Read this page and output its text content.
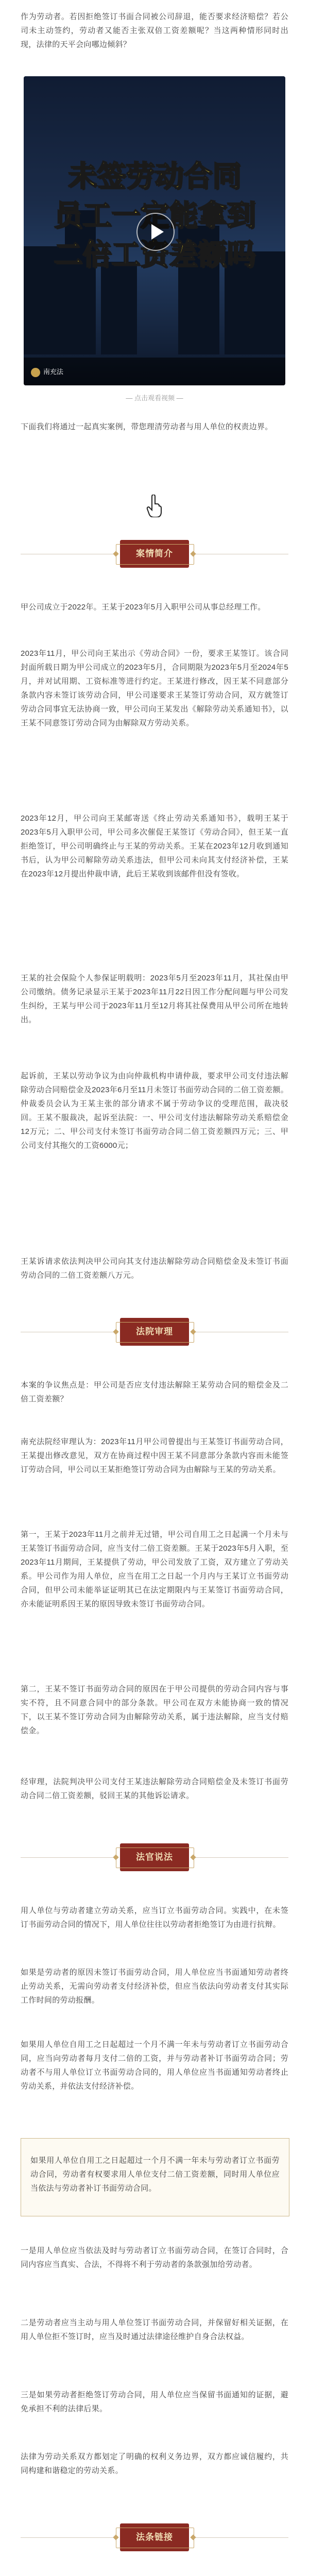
作为劳动者。若因拒绝签订书面合同被公司辞退，能否要求经济赔偿？若公司未主动签约，劳动者又能否主张双倍工资差额呢？当这两种情形同时出现，法律的天平会向哪边倾斜？

未签劳动合同
员工一定能拿到
二倍工资差额吗
南充法
— 点击观看视频 —

下面我们将通过一起真实案例，带您理清劳动者与用人单位的权责边界。

案情简介

甲公司成立于2022年。王某于2023年5月入职甲公司从事总经理工作。

2023年11月，甲公司向王某出示《劳动合同》一份，要求王某签订。该合同封面所载日期为甲公司成立的2023年5月，合同期限为2023年5月至2024年5月，并对试用期、工资标准等进行约定。王某进行修改，因王某不同意部分条款内容未签订该劳动合同，甲公司遂要求王某签订劳动合同，双方就签订劳动合同事宜无法协商一致，甲公司向王某发出《解除劳动关系通知书》，以王某不同意签订劳动合同为由解除双方劳动关系。

2023年12月，甲公司向王某邮寄送《终止劳动关系通知书》，载明王某于2023年5月入职甲公司，甲公司多次催促王某签订《劳动合同》，但王某一直拒绝签订，甲公司明确终止与王某的劳动关系。王某在2023年12月收到通知书后，认为甲公司解除劳动关系违法，但甲公司未向其支付经济补偿，王某在2023年12月提出仲裁申请，此后王某收到该邮件但没有签收。

王某的社会保险个人参保证明载明：2023年5月至2023年11月，其社保由甲公司缴纳。债务记录显示王某于2023年11月22日因工作分配问题与甲公司发生纠纷，王某与甲公司于2023年11月至12月将其社保费用从甲公司所在地转出。

起诉前，王某以劳动争议为由向仲裁机构申请仲裁，要求甲公司支付违法解除劳动合同赔偿金及2023年6月至11月未签订书面劳动合同的二倍工资差额。仲裁委员会认为王某主张的部分请求不属于劳动争议的受理范围，裁决驳回。王某不服裁决，起诉至法院：一、甲公司支付违法解除劳动关系赔偿金12万元；二、甲公司支付未签订书面劳动合同二倍工资差额四万元；三、甲公司支付其拖欠的工资6000元；

王某诉请求依法判决甲公司向其支付违法解除劳动合同赔偿金及未签订书面劳动合同的二倍工资差额八万元。

法院审理

本案的争议焦点是：甲公司是否应支付违法解除王某劳动合同的赔偿金及二倍工资差额？

南充法院经审理认为：2023年11月甲公司曾提出与王某签订书面劳动合同，王某提出修改意见，双方在协商过程中因王某不同意部分条款内容而未能签订劳动合同，甲公司以王某拒绝签订劳动合同为由解除与王某的劳动关系。

第一，王某于2023年11月之前并无过错，甲公司自用工之日起满一个月未与王某签订书面劳动合同，应当支付二倍工资差额。王某于2023年5月入职，至2023年11月期间，王某提供了劳动，甲公司发放了工资，双方建立了劳动关系。甲公司作为用人单位，应当在用工之日起一个月内与王某订立书面劳动合同，但甲公司未能举证证明其已在法定期限内与王某签订书面劳动合同，亦未能证明系因王某的原因导致未签订书面劳动合同。

第二，王某不签订书面劳动合同的原因在于甲公司提供的劳动合同内容与事实不符，且不同意合同中的部分条款。甲公司在双方未能协商一致的情况下，以王某不签订劳动合同为由解除劳动关系，属于违法解除，应当支付赔偿金。

经审理，法院判决甲公司支付王某违法解除劳动合同赔偿金及未签订书面劳动合同二倍工资差额，驳回王某的其他诉讼请求。

法官说法

用人单位与劳动者建立劳动关系，应当订立书面劳动合同。实践中，在未签订书面劳动合同的情况下，用人单位往往以劳动者拒绝签订为由进行抗辩。

如果是劳动者的原因未签订书面劳动合同，用人单位应当书面通知劳动者终止劳动关系，无需向劳动者支付经济补偿，但应当依法向劳动者支付其实际工作时间的劳动报酬。

如果用人单位自用工之日起超过一个月不满一年未与劳动者订立书面劳动合同，应当向劳动者每月支付二倍的工资，并与劳动者补订书面劳动合同；劳动者不与用人单位订立书面劳动合同的，用人单位应当书面通知劳动者终止劳动关系，并依法支付经济补偿。

如果用人单位自用工之日起超过一个月不满一年未与劳动者订立书面劳动合同，劳动者有权要求用人单位支付二倍工资差额，同时用人单位应当依法与劳动者补订书面劳动合同。

一是用人单位应当依法及时与劳动者订立书面劳动合同，在签订合同时，合同内容应当真实、合法，不得将不利于劳动者的条款强加给劳动者。

二是劳动者应当主动与用人单位签订书面劳动合同，并保留好相关证据，在用人单位拒不签订时，应当及时通过法律途径维护自身合法权益。

三是如果劳动者拒绝签订劳动合同，用人单位应当保留书面通知的证据，避免承担不利的法律后果。

法律为劳动关系双方都划定了明确的权利义务边界，双方都应诚信履约，共同构建和谐稳定的劳动关系。

法条链接
